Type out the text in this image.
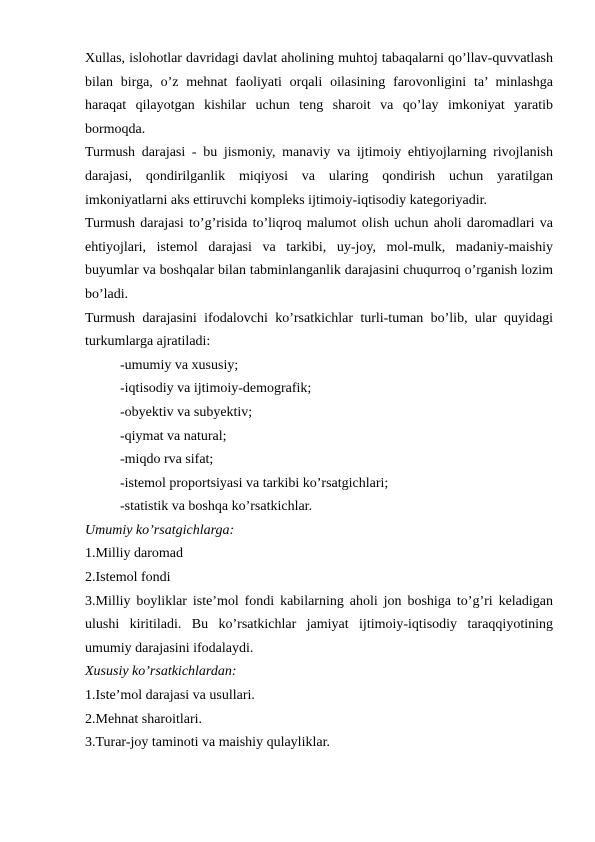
Xullas, islohotlar davridagi davlat aholining muhtoj tabaqalarni qo’llav-quvvatlash bilan birga, o’z mehnat faoliyati orqali oilasining farovonligini ta’ minlashga haraqat qilayotgan kishilar uchun teng sharoit va qo’lay imkoniyat yaratib bormoqda.

Turmush darajasi - bu jismoniy, manaviy va ijtimoiy ehtiyojlarning rivojlanish darajasi, qondirilganlik miqiyosi va ularing qondirish uchun yaratilgan imkoniyatlarni aks ettiruvchi kompleks ijtimoiy-iqtisodiy kategoriyadir.

Turmush darajasi to’g’risida to’liqroq malumot olish uchun aholi daromadlari va ehtiyojlari, istemol darajasi va tarkibi, uy-joy, mol-mulk, madaniy-maishiy buyumlar va boshqalar bilan tabminlanganlik darajasini chuqurroq o’rganish lozim bo’ladi.

Turmush darajasini ifodalovchi ko’rsatkichlar turli-tuman bo’lib, ular quyidagi turkumlarga ajratiladi:

-umumiy va xususiy;

-iqtisodiy va ijtimoiy-demografik;

-obyektiv va subyektiv;

-qiymat va natural;

-miqdo rva sifat;

-istemol proportsiyasi va tarkibi ko’rsatgichlari;

-statistik va boshqa ko’rsatkichlar.

Umumiy ko’rsatgichlarga:

1.Milliy daromad

2.Istemol fondi

3.Milliy boyliklar iste’mol fondi kabilarning aholi jon boshiga to’g’ri keladigan ulushi kiritiladi. Bu ko’rsatkichlar jamiyat ijtimoiy-iqtisodiy taraqqiyotining umumiy darajasini ifodalaydi.

Xususiy ko’rsatkichlardan:

1.Iste’mol darajasi va usullari.

2.Mehnat sharoitlari.

3.Turar-joy taminoti va maishiy qulayliklar.
